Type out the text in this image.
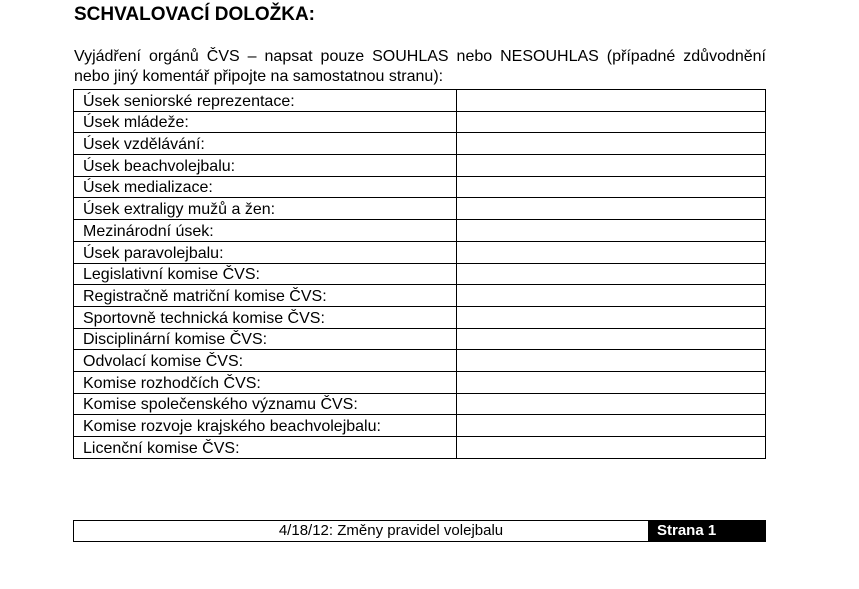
SCHVALOVACÍ DOLOŽKA:

Vyjádření orgánů ČVS – napsat pouze SOUHLAS nebo NESOUHLAS (případné zdůvodnění nebo jiný komentář připojte na samostatnou stranu):

Úsek seniorské reprezentace:	
Úsek mládeže:	
Úsek vzdělávání:	
Úsek beachvolejbalu:	
Úsek medializace:	
Úsek extraligy mužů a žen:	
Mezinárodní úsek:	
Úsek paravolejbalu:	
Legislativní komise ČVS:	
Registračně matriční komise ČVS:	
Sportovně technická komise ČVS:	
Disciplinární komise ČVS:	
Odvolací komise ČVS:	
Komise rozhodčích ČVS:	
Komise společenského významu ČVS:	
Komise rozvoje krajského beachvolejbalu:	
Licenční komise ČVS:	
4/18/12: Změny pravidel volejbalu	Strana 1
